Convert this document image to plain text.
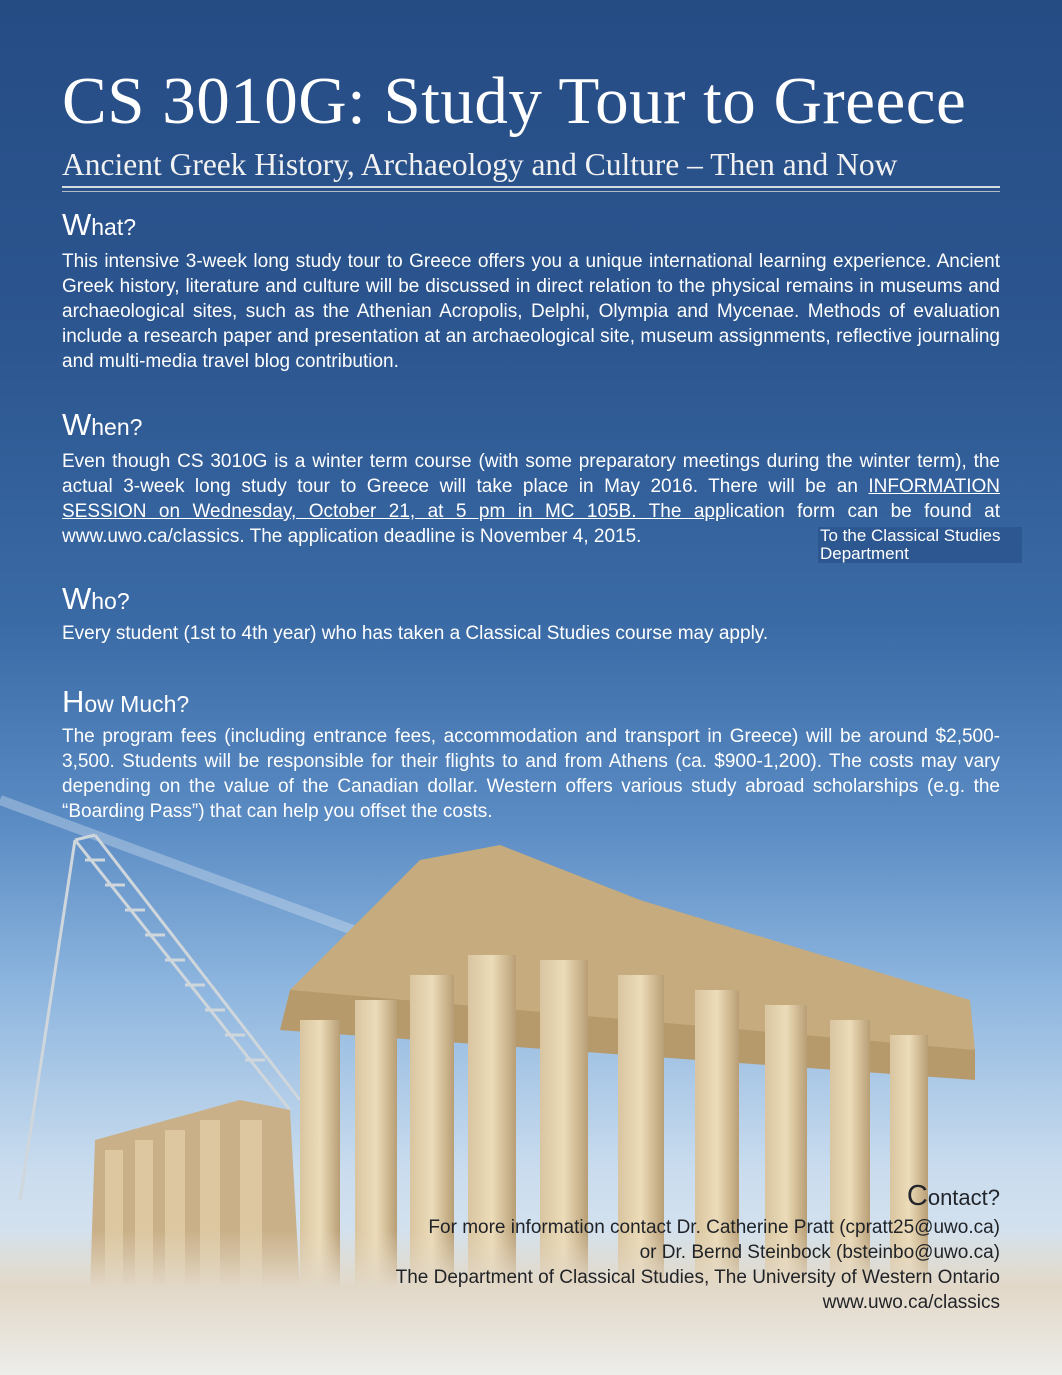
CS 3010G: Study Tour to Greece
Ancient Greek History, Archaeology and Culture – Then and Now
What?

This intensive 3-week long study tour to Greece offers you a unique international learning experience. Ancient Greek history, literature and culture will be discussed in direct relation to the physical remains in museums and archaeological sites, such as the Athenian Acropolis, Delphi, Olympia and Mycenae. Methods of evaluation include a research paper and presentation at an archaeological site, museum assignments, reflective journaling and multi-media travel blog contribution.

When?

Even though CS 3010G is a winter term course (with some preparatory meetings during the winter term), the actual 3-week long study tour to Greece will take place in May 2016. There will be an INFORMATION SESSION on Wednesday, October 21, at 5 pm in MC 105B. The application form can be found at www.uwo.ca/classics. The application deadline is November 4, 2015.	To the Classical Studies Department
Who?

Every student (1st to 4th year) who has taken a Classical Studies course may apply.

How Much?

The program fees (including entrance fees, accommodation and transport in Greece) will be around $2,500-3,500. Students will be responsible for their flights to and from Athens (ca. $900-1,200). The costs may vary depending on the value of the Canadian dollar. Western offers various study abroad scholarships (e.g. the “Boarding Pass”) that can help you offset the costs.

Contact?
For more information contact Dr. Catherine Pratt (cpratt25@uwo.ca)
or Dr. Bernd Steinbock (bsteinbo@uwo.ca)
The Department of Classical Studies, The University of Western Ontario
www.uwo.ca/classics
